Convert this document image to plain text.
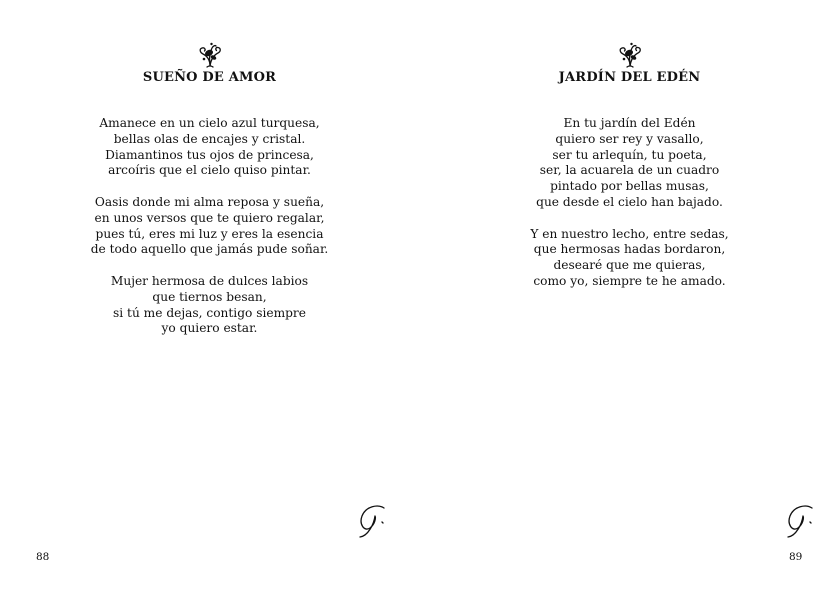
SUEÑO DE AMOR
Amanece en un cielo azul turquesa,
bellas olas de encajes y cristal.
Diamantinos tus ojos de princesa,
arcoíris que el cielo quiso pintar.
Oasis donde mi alma reposa y sueña,
en unos versos que te quiero regalar,
pues tú, eres mi luz y eres la esencia
de todo aquello que jamás pude soñar.
Mujer hermosa de dulces labios
que tiernos besan,
si tú me dejas, contigo siempre
yo quiero estar.
88
JARDÍN DEL EDÉN
En tu jardín del Edén
quiero ser rey y vasallo,
ser tu arlequín, tu poeta,
ser, la acuarela de un cuadro
pintado por bellas musas,
que desde el cielo han bajado.
Y en nuestro lecho, entre sedas,
que hermosas hadas bordaron,
desearé que me quieras,
como yo, siempre te he amado.
89
